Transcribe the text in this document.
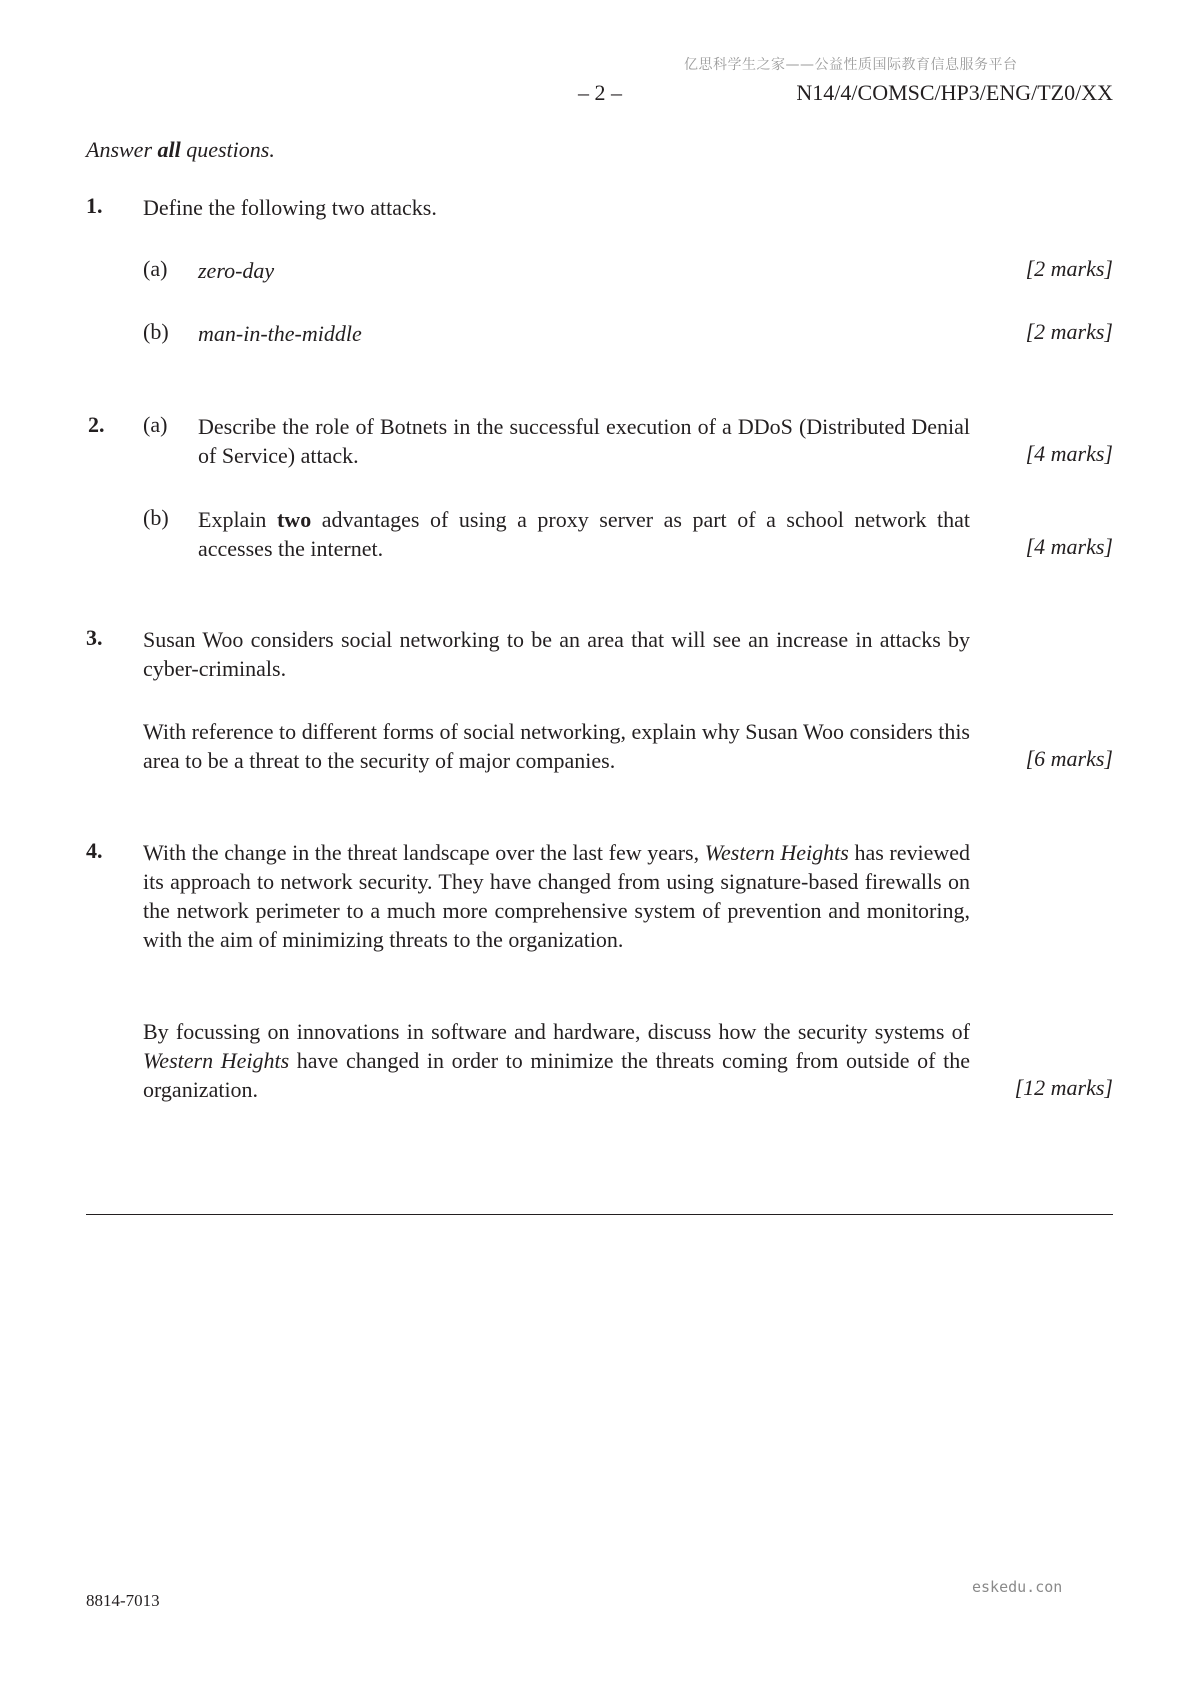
亿思科学生之家——公益性质国际教育信息服务平台
– 2 –	N14/4/COMSC/HP3/ENG/TZ0/XX
Answer all questions.
1. Define the following two attacks.
(a) zero-day	[2 marks]
(b) man-in-the-middle	[2 marks]
2. (a) Describe the role of Botnets in the successful execution of a DDoS (Distributed Denial of Service) attack.	[4 marks]
(b) Explain two advantages of using a proxy server as part of a school network that accesses the internet.	[4 marks]
3. Susan Woo considers social networking to be an area that will see an increase in attacks by cyber-criminals.
With reference to different forms of social networking, explain why Susan Woo considers this area to be a threat to the security of major companies.	[6 marks]
4. With the change in the threat landscape over the last few years, Western Heights has reviewed its approach to network security. They have changed from using signature-based firewalls on the network perimeter to a much more comprehensive system of prevention and monitoring, with the aim of minimizing threats to the organization.
By focussing on innovations in software and hardware, discuss how the security systems of Western Heights have changed in order to minimize the threats coming from outside of the organization.	[12 marks]
8814-7013
eskedu.con
